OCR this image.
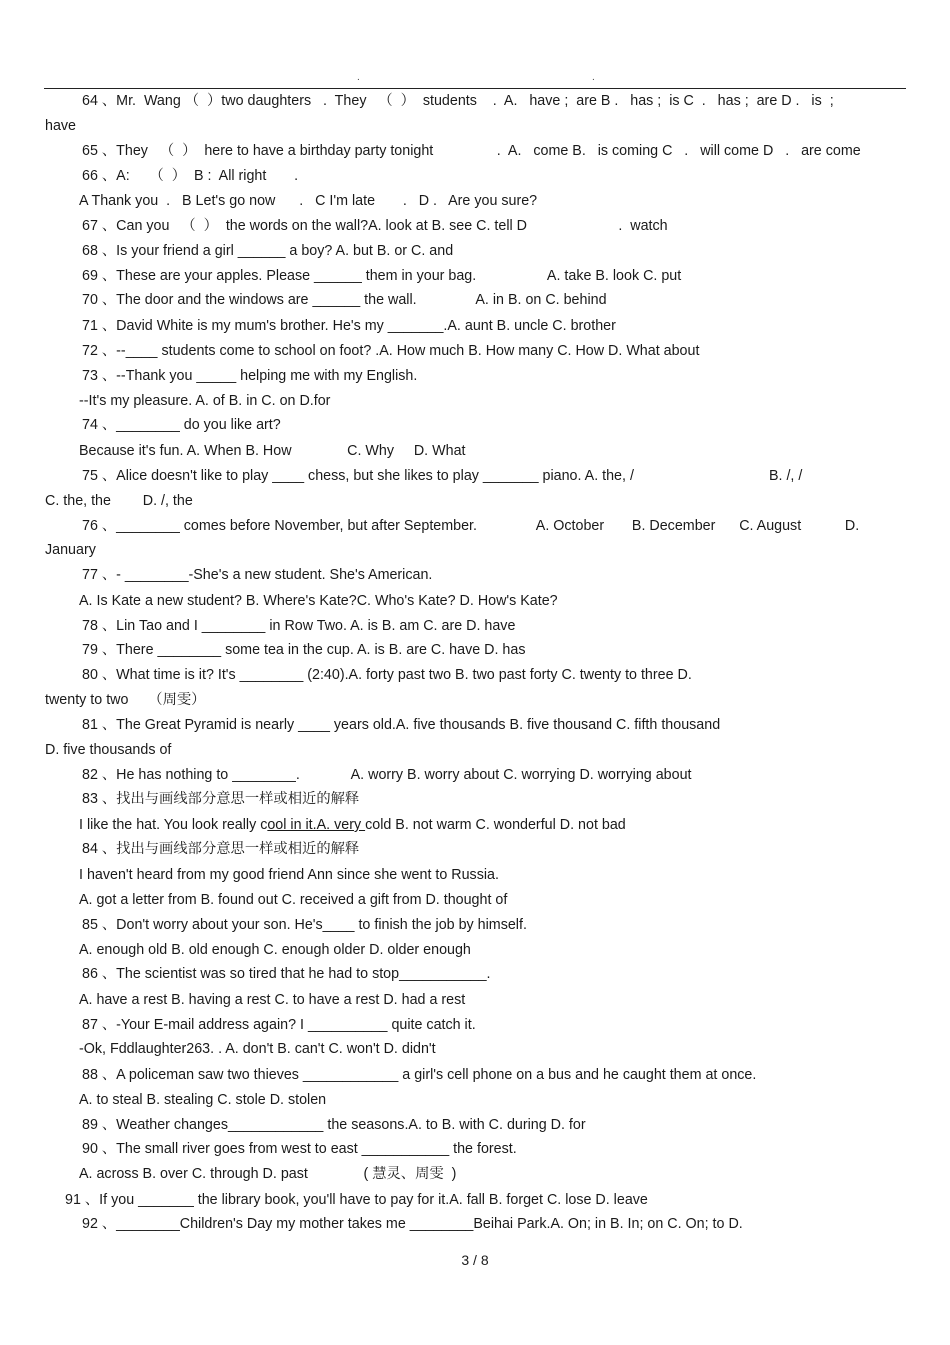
.	.
64 、Mr.  Wang （  ）two daughters   .  They   （  ）  students    .  A.   have ;  are B .   has ;  is C  .   has ;  are D .   is  ;
have
65 、They   （  ）  here to have a birthday party tonight                .  A.   come B.   is coming C   .   will come D   .   are come
66 、A:     （  ）  B :  All right       .
A Thank you  .   B Let's go now      .   C I'm late       .   D .   Are you sure?
67 、Can you   （  ）  the words on the wall?A. look at B. see C. tell D                       .  watch
68 、Is your friend a girl ______ a boy? A. but B. or C. and
69 、These are your apples. Please ______ them in your bag.                  A. take B. look C. put
70 、The door and the windows are ______ the wall.               A. in B. on C. behind
71 、David White is my mum's brother. He's my _______.A. aunt B. uncle C. brother
72 、--____ students come to school on foot? .A. How much B. How many C. How D. What about
73 、--Thank you _____ helping me with my English.
--It's my pleasure. A. of B. in C. on D.for
74 、________ do you like art?
Because it's fun. A. When B. How              C. Why     D. What
75 、Alice doesn't like to play ____ chess, but she likes to play _______ piano. A. the, /                                  B. /, /
C. the, the        D. /, the
76 、________ comes before November, but after September.               A. October       B. December      C. August           D.
January
77 、- ________-She's a new student. She's American.
A. Is Kate a new student? B. Where's Kate?C. Who's Kate? D. How's Kate?
78 、Lin Tao and I ________ in Row Two. A. is B. am C. are D. have
79 、There ________ some tea in the cup. A. is B. are C. have D. has
80 、What time is it? It's ________ (2:40).A. forty past two B. two past forty C. twenty to three D.
twenty to two     （周雯）
81 、The Great Pyramid is nearly ____ years old.A. five thousands B. five thousand C. fifth thousand
D. five thousands of
82 、He has nothing to ________.             A. worry B. worry about C. worrying D. worrying about
83 、找出与画线部分意思一样或相近的解释
I like the hat. You look really cool in it.A. very cold B. not warm C. wonderful D. not bad
84 、找出与画线部分意思一样或相近的解释
I haven't heard from my good friend Ann since she went to Russia.
A. got a letter from B. found out C. received a gift from D. thought of
85 、Don't worry about your son. He's____ to finish the job by himself.
A. enough old B. old enough C. enough older D. older enough
86 、The scientist was so tired that he had to stop___________.
A. have a rest B. having a rest C. to have a rest D. had a rest
87 、-Your E-mail address again? I __________ quite catch it.
-Ok, Fddlaughter263. . A. don't B. can't C. won't D. didn't
88 、A policeman saw two thieves ____________ a girl's cell phone on a bus and he caught them at once.
A. to steal B. stealing C. stole D. stolen
89 、Weather changes____________ the seasons.A. to B. with C. during D. for
90 、The small river goes from west to east ___________ the forest.
A. across B. over C. through D. past              ( 慧灵、周雯  )
91 、If you _______ the library book, you'll have to pay for it.A. fall B. forget C. lose D. leave
92 、________Children's Day my mother takes me ________Beihai Park.A. On; in B. In; on C. On; to D.
3 / 8
